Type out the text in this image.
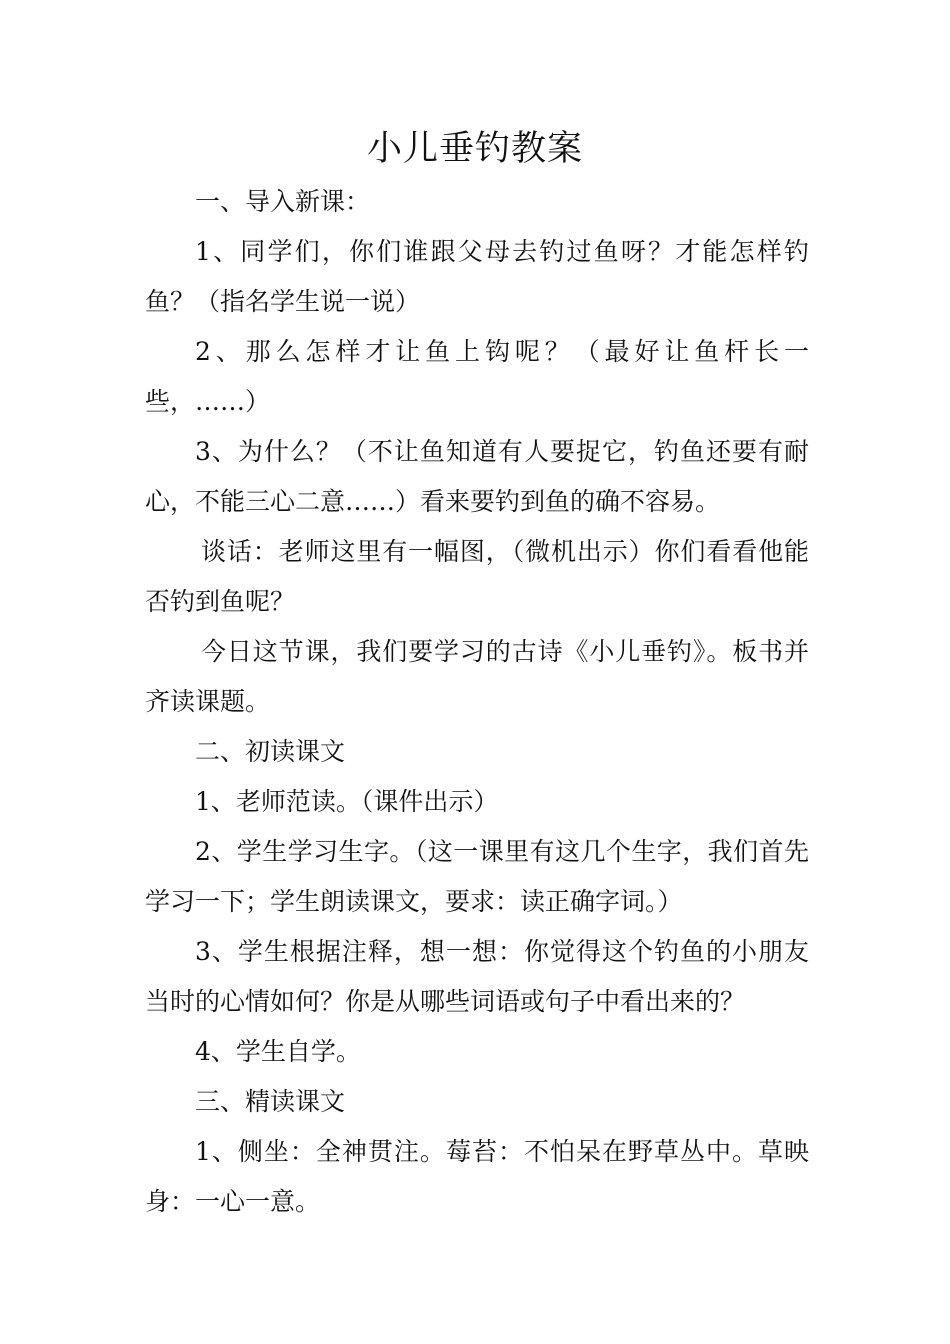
小儿垂钓教案

一、导入新课：

1、同学们，你们谁跟父母去钓过鱼呀？才能怎样钓鱼？（指名学生说一说）

2、那么怎样才让鱼上钩呢？（最好让鱼杆长一些，……）

3、为什么？（不让鱼知道有人要捉它，钓鱼还要有耐心，不能三心二意……）看来要钓到鱼的确不容易。

谈话：老师这里有一幅图，（微机出示）你们看看他能否钓到鱼呢？

今日这节课，我们要学习的古诗《小儿垂钓》。板书并齐读课题。

二、初读课文

1、老师范读。（课件出示）

2、学生学习生字。（这一课里有这几个生字，我们首先学习一下；学生朗读课文，要求：读正确字词。）

3、学生根据注释，想一想：你觉得这个钓鱼的小朋友当时的心情如何？你是从哪些词语或句子中看出来的？

4、学生自学。

三、精读课文

1、侧坐：全神贯注。莓苔：不怕呆在野草丛中。草映身：一心一意。
